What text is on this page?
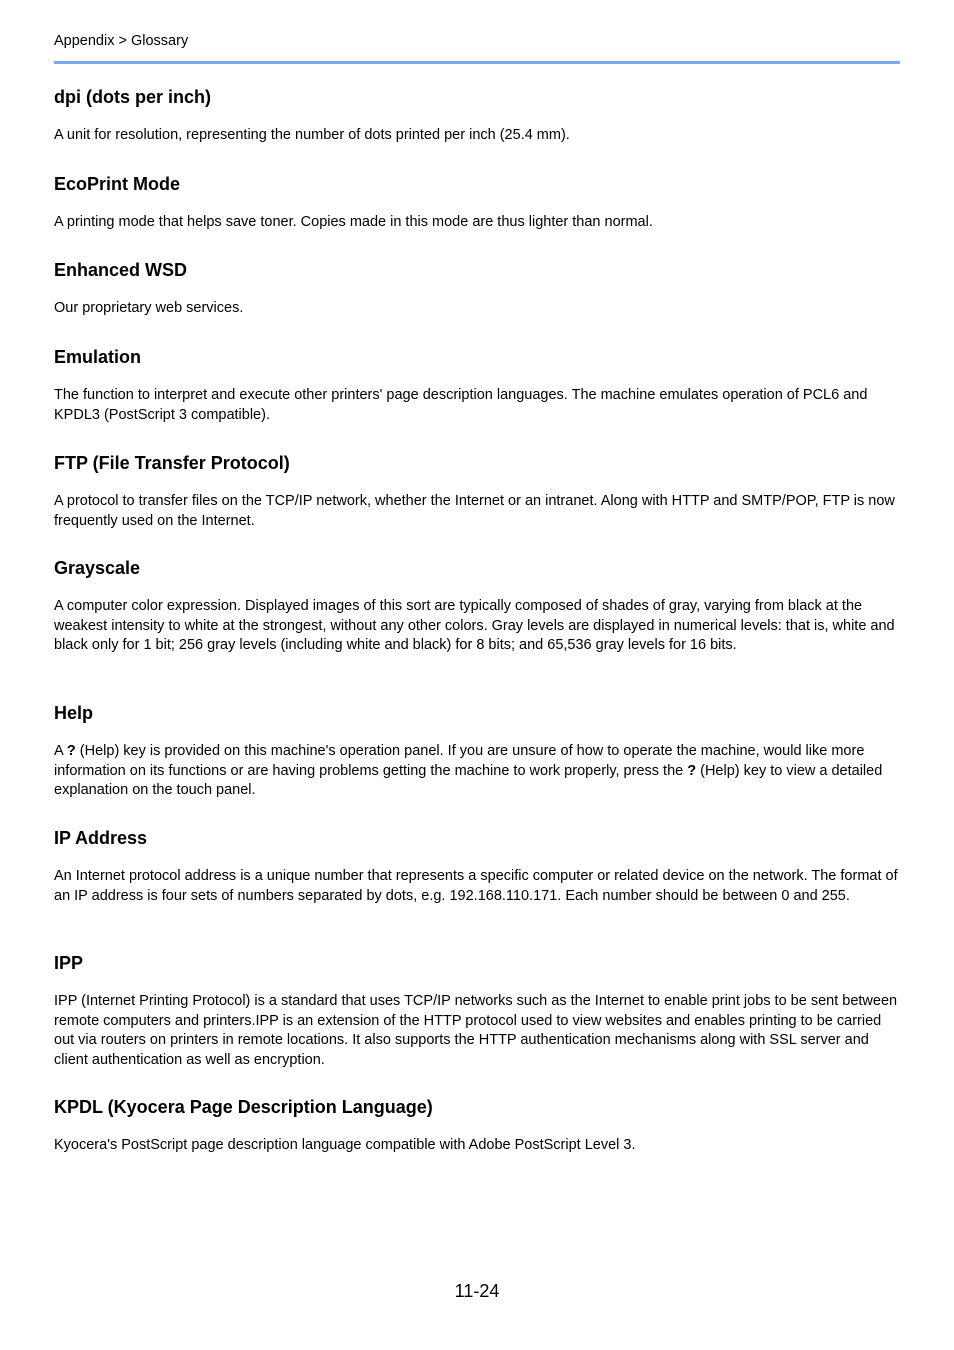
Appendix > Glossary
dpi (dots per inch)

A unit for resolution, representing the number of dots printed per inch (25.4 mm).

EcoPrint Mode

A printing mode that helps save toner. Copies made in this mode are thus lighter than normal.

Enhanced WSD

Our proprietary web services.

Emulation

The function to interpret and execute other printers' page description languages. The machine emulates operation of PCL6 and KPDL3 (PostScript 3 compatible).

FTP (File Transfer Protocol)

A protocol to transfer files on the TCP/IP network, whether the Internet or an intranet. Along with HTTP and SMTP/POP, FTP is now frequently used on the Internet.

Grayscale

A computer color expression. Displayed images of this sort are typically composed of shades of gray, varying from black at the weakest intensity to white at the strongest, without any other colors. Gray levels are displayed in numerical levels: that is, white and black only for 1 bit; 256 gray levels (including white and black) for 8 bits; and 65,536 gray levels for 16 bits.

Help

A ? (Help) key is provided on this machine's operation panel. If you are unsure of how to operate the machine, would like more information on its functions or are having problems getting the machine to work properly, press the ? (Help) key to view a detailed explanation on the touch panel.

IP Address

An Internet protocol address is a unique number that represents a specific computer or related device on the network. The format of an IP address is four sets of numbers separated by dots, e.g. 192.168.110.171. Each number should be between 0 and 255.

IPP

IPP (Internet Printing Protocol) is a standard that uses TCP/IP networks such as the Internet to enable print jobs to be sent between remote computers and printers.IPP is an extension of the HTTP protocol used to view websites and enables printing to be carried out via routers on printers in remote locations. It also supports the HTTP authentication mechanisms along with SSL server and client authentication as well as encryption.

KPDL (Kyocera Page Description Language)

Kyocera's PostScript page description language compatible with Adobe PostScript Level 3.

11-24
